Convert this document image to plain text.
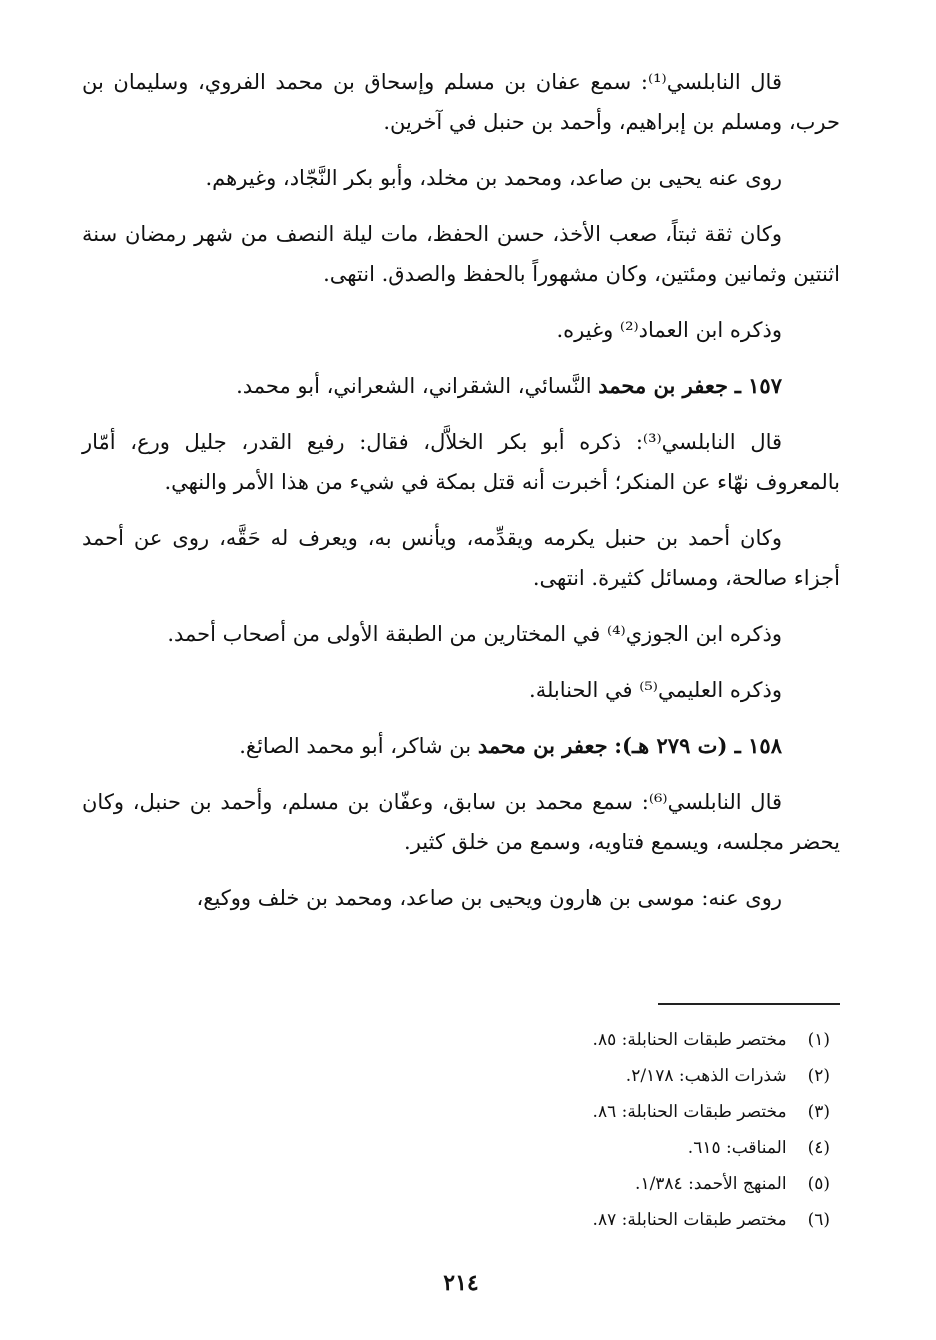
قال النابلسي⁽¹⁾: سمع عفان بن مسلم وإسحاق بن محمد الفروي، وسليمان بن حرب، ومسلم بن إبراهيم، وأحمد بن حنبل في آخرين.

روى عنه يحيى بن صاعد، ومحمد بن مخلد، وأبو بكر النَّجّاد، وغيرهم.

وكان ثقة ثبتاً، صعب الأخذ، حسن الحفظ، مات ليلة النصف من شهر رمضان سنة اثنتين وثمانين ومئتين، وكان مشهوراً بالحفظ والصدق. انتهى.

وذكره ابن العماد⁽²⁾ وغيره.

١٥٧ ـ جعفر بن محمد النَّسائي، الشقراني، الشعراني، أبو محمد.

قال النابلسي⁽³⁾: ذكره أبو بكر الخلاَّل، فقال: رفيع القدر، جليل ورع، أمّار بالمعروف نهّاء عن المنكر؛ أخبرت أنه قتل بمكة في شيء من هذا الأمر والنهي.

وكان أحمد بن حنبل يكرمه ويقدِّمه، ويأنس به، ويعرف له حَقَّه، روى عن أحمد أجزاء صالحة، ومسائل كثيرة. انتهى.

وذكره ابن الجوزي⁽⁴⁾ في المختارين من الطبقة الأولى من أصحاب أحمد.

وذكره العليمي⁽⁵⁾ في الحنابلة.

١٥٨ ـ (ت ٢٧٩ هـ): جعفر بن محمد بن شاكر، أبو محمد الصائغ.

قال النابلسي⁽⁶⁾: سمع محمد بن سابق، وعفّان بن مسلم، وأحمد بن حنبل، وكان يحضر مجلسه، ويسمع فتاويه، وسمع من خلق كثير.

روى عنه: موسى بن هارون ويحيى بن صاعد، ومحمد بن خلف ووكيع،

(١) مختصر طبقات الحنابلة: ٨٥.
(٢) شذرات الذهب: ٢/١٧٨.
(٣) مختصر طبقات الحنابلة: ٨٦.
(٤) المناقب: ٦١٥.
(٥) المنهج الأحمد: ١/٣٨٤.
(٦) مختصر طبقات الحنابلة: ٨٧.
٢١٤
